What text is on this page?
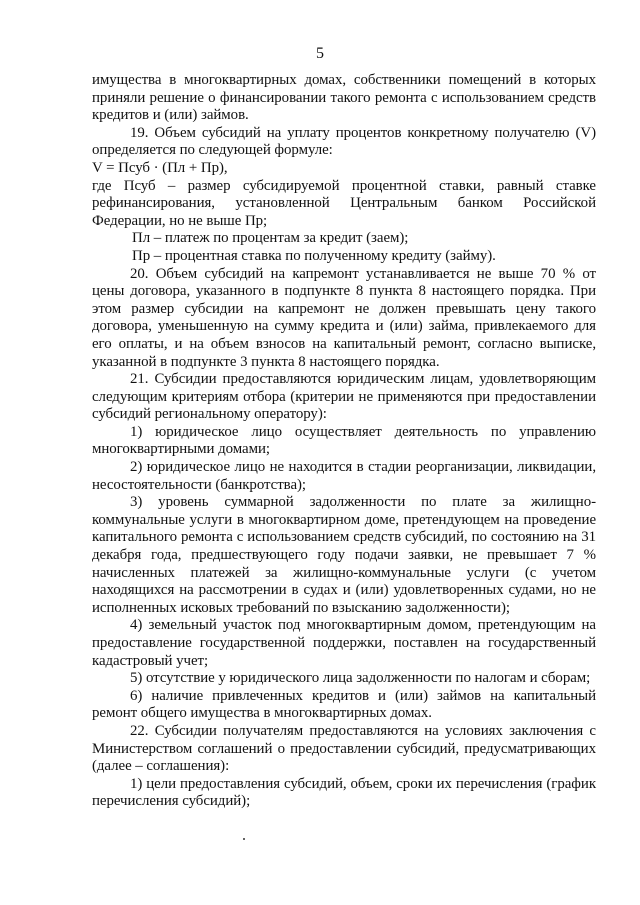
5

имущества в многоквартирных домах, собственники помещений в которых приняли решение о финансировании такого ремонта с использованием средств кредитов и (или) займов.

19. Объем субсидий на уплату процентов конкретному получателю (V) определяется по следующей формуле:

V = Псуб · (Пл + Пр),

где Псуб – размер субсидируемой процентной ставки, равный ставке рефинансирования, установленной Центральным банком Российской Федерации, но не выше Пр;

Пл – платеж по процентам за кредит (заем);

Пр – процентная ставка по полученному кредиту (займу).

20. Объем субсидий на капремонт устанавливается не выше 70 % от цены договора, указанного в подпункте 8 пункта 8 настоящего порядка. При этом размер субсидии на капремонт не должен превышать цену такого договора, уменьшенную на сумму кредита и (или) займа, привлекаемого для его оплаты, и на объем взносов на капитальный ремонт, согласно выписке, указанной в подпункте 3 пункта 8 настоящего порядка.

21. Субсидии предоставляются юридическим лицам, удовлетворяющим следующим критериям отбора (критерии не применяются при предоставлении субсидий региональному оператору):

1) юридическое лицо осуществляет деятельность по управлению многоквартирными домами;

2) юридическое лицо не находится в стадии реорганизации, ликвидации, несостоятельности (банкротства);

3) уровень суммарной задолженности по плате за жилищно-коммунальные услуги в многоквартирном доме, претендующем на проведение капитального ремонта с использованием средств субсидий, по состоянию на 31 декабря года, предшествующего году подачи заявки, не превышает 7 % начисленных платежей за жилищно-коммунальные услуги (с учетом находящихся на рассмотрении в судах и (или) удовлетворенных судами, но не исполненных исковых требований по взысканию задолженности);

4) земельный участок под многоквартирным домом, претендующим на предоставление государственной поддержки, поставлен на государственный кадастровый учет;

5) отсутствие у юридического лица задолженности по налогам и сборам;

6) наличие привлеченных кредитов и (или) займов на капитальный ремонт общего имущества в многоквартирных домах.

22. Субсидии получателям предоставляются на условиях заключения с Министерством соглашений о предоставлении субсидий, предусматривающих (далее – соглашения):

1) цели предоставления субсидий, объем, сроки их перечисления (график перечисления субсидий);
